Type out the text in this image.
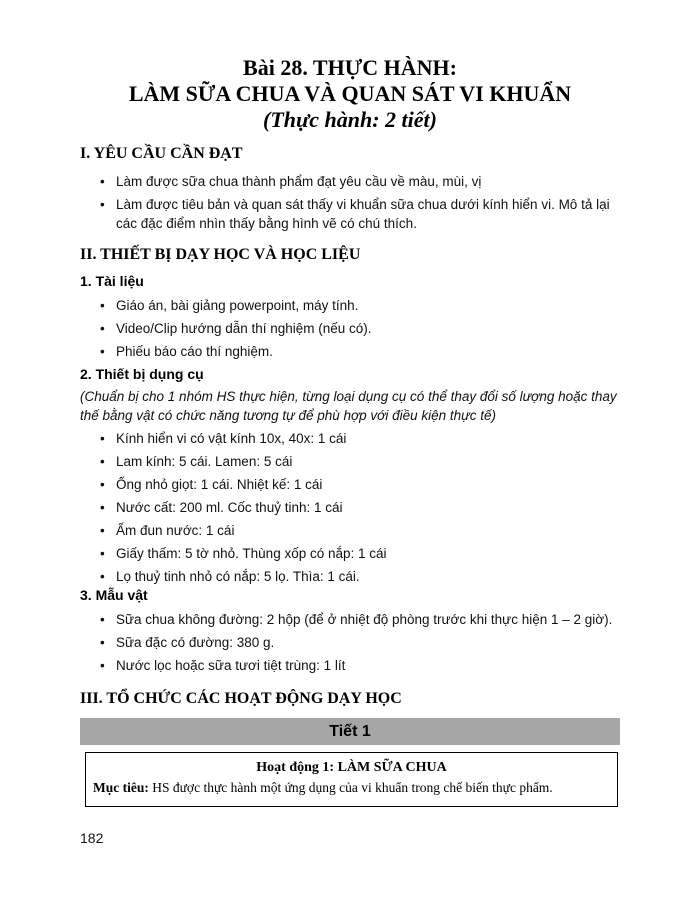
Bài 28. THỰC HÀNH:
LÀM SỮA CHUA VÀ QUAN SÁT VI KHUẨN
(Thực hành: 2 tiết)
I. YÊU CẦU CẦN ĐẠT
• Làm được sữa chua thành phẩm đạt yêu cầu về màu, mùi, vị
• Làm được tiêu bản và quan sát thấy vi khuẩn sữa chua dưới kính hiển vi. Mô tả lại các đặc điểm nhìn thấy bằng hình vẽ có chú thích.
II. THIẾT BỊ DẠY HỌC VÀ HỌC LIỆU
1. Tài liệu
• Giáo án, bài giảng powerpoint, máy tính.
• Video/Clip hướng dẫn thí nghiệm (nếu có).
• Phiếu báo cáo thí nghiệm.
2. Thiết bị dụng cụ
(Chuẩn bị cho 1 nhóm HS thực hiện, từng loại dụng cụ có thể thay đổi số lượng hoặc thay thế bằng vật có chức năng tương tự để phù hợp với điều kiện thực tế)
• Kính hiển vi có vật kính 10x, 40x: 1 cái
• Lam kính: 5 cái. Lamen: 5 cái
• Ống nhỏ giọt: 1 cái. Nhiệt kế: 1 cái
• Nước cất: 200 ml. Cốc thuỷ tinh: 1 cái
• Ấm đun nước: 1 cái
• Giấy thấm: 5 tờ nhỏ. Thùng xốp có nắp: 1 cái
• Lọ thuỷ tinh nhỏ có nắp: 5 lọ. Thìa: 1 cái.
3. Mẫu vật
• Sữa chua không đường: 2 hộp (để ở nhiệt độ phòng trước khi thực hiện 1 – 2 giờ).
• Sữa đặc có đường: 380 g.
• Nước lọc hoặc sữa tươi tiệt trùng: 1 lít
III. TỔ CHỨC CÁC HOẠT ĐỘNG DẠY HỌC
Tiết 1
Hoạt động 1: LÀM SỮA CHUA
Mục tiêu: HS được thực hành một ứng dụng của vi khuẩn trong chế biến thực phẩm.
182
